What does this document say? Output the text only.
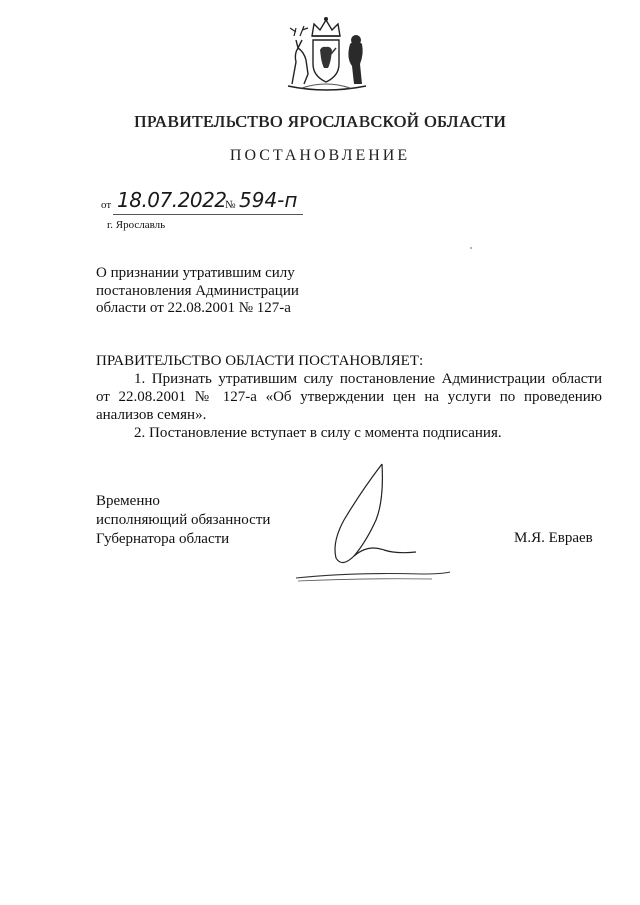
ПРАВИТЕЛЬСТВО ЯРОСЛАВСКОЙ ОБЛАСТИ
ПОСТАНОВЛЕНИЕ
от 18.07.2022
№ 594-п
г. Ярославль
О признании утратившим силу
постановления Администрации
области от 22.08.2001 № 127-а
ПРАВИТЕЛЬСТВО ОБЛАСТИ ПОСТАНОВЛЯЕТ:

1. Признать утратившим силу постановление Администрации области от 22.08.2001 № 127-а «Об утверждении цен на услуги по проведению анализов семян».

2. Постановление вступает в силу с момента подписания.

Временно
исполняющий обязанности
Губернатора области	М.Я. Евраев
